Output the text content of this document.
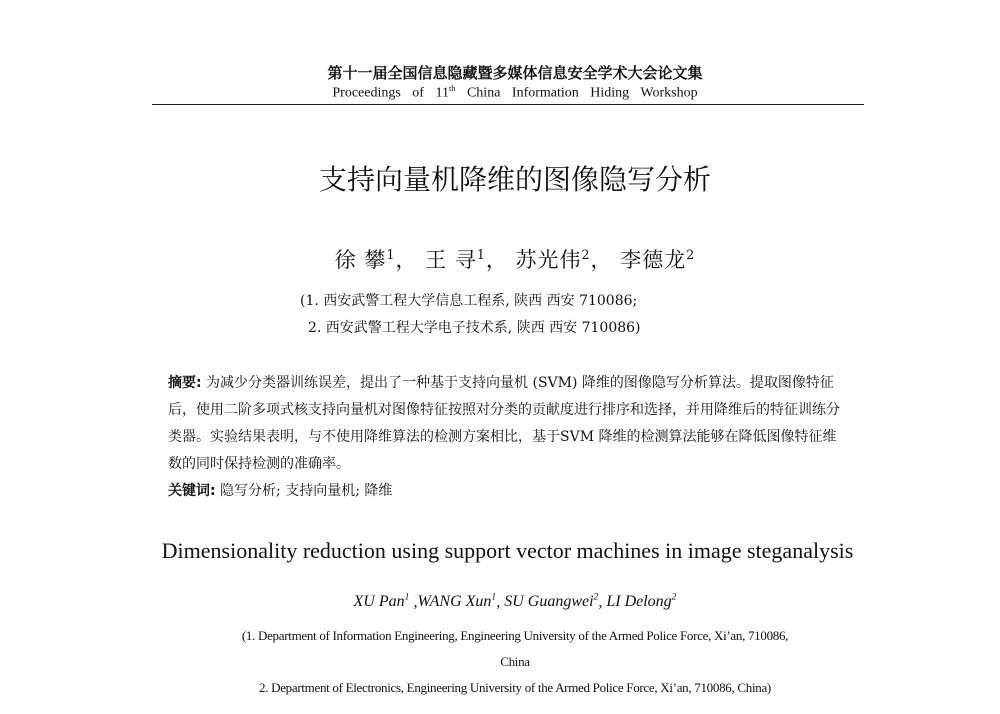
第十一届全国信息隐藏暨多媒体信息安全学术大会论文集
Proceedings of 11th China Information Hiding Workshop
支持向量机降维的图像隐写分析
徐 攀$^1$， 王 寻$^1$， 苏光伟$^2$， 李德龙$^2$
(1. 西安武警工程大学信息工程系, 陕西 西安 710086;
2. 西安武警工程大学电子技术系, 陕西 西安 710086)
摘要: 为减少分类器训练误差，提出了一种基于支持向量机 (SVM) 降维的图像隐写分析算法。提取图像特征后，使用二阶多项式核支持向量机对图像特征按照对分类的贡献度进行排序和选择，并用降维后的特征训练分类器。实验结果表明，与不使用降维算法的检测方案相比，基于SVM 降维的检测算法能够在降低图像特征维数的同时保持检测的准确率。
关键词: 隐写分析; 支持向量机; 降维
Dimensionality reduction using support vector machines in image steganalysis
XU Pan$^1$ ,WANG Xun$^1$, SU Guangwei$^2$, LI Delong$^2$
(1. Department of Information Engineering, Engineering University of the Armed Police Force, Xi’an, 710086,
China
2. Department of Electronics, Engineering University of the Armed Police Force, Xi’an, 710086, China)
